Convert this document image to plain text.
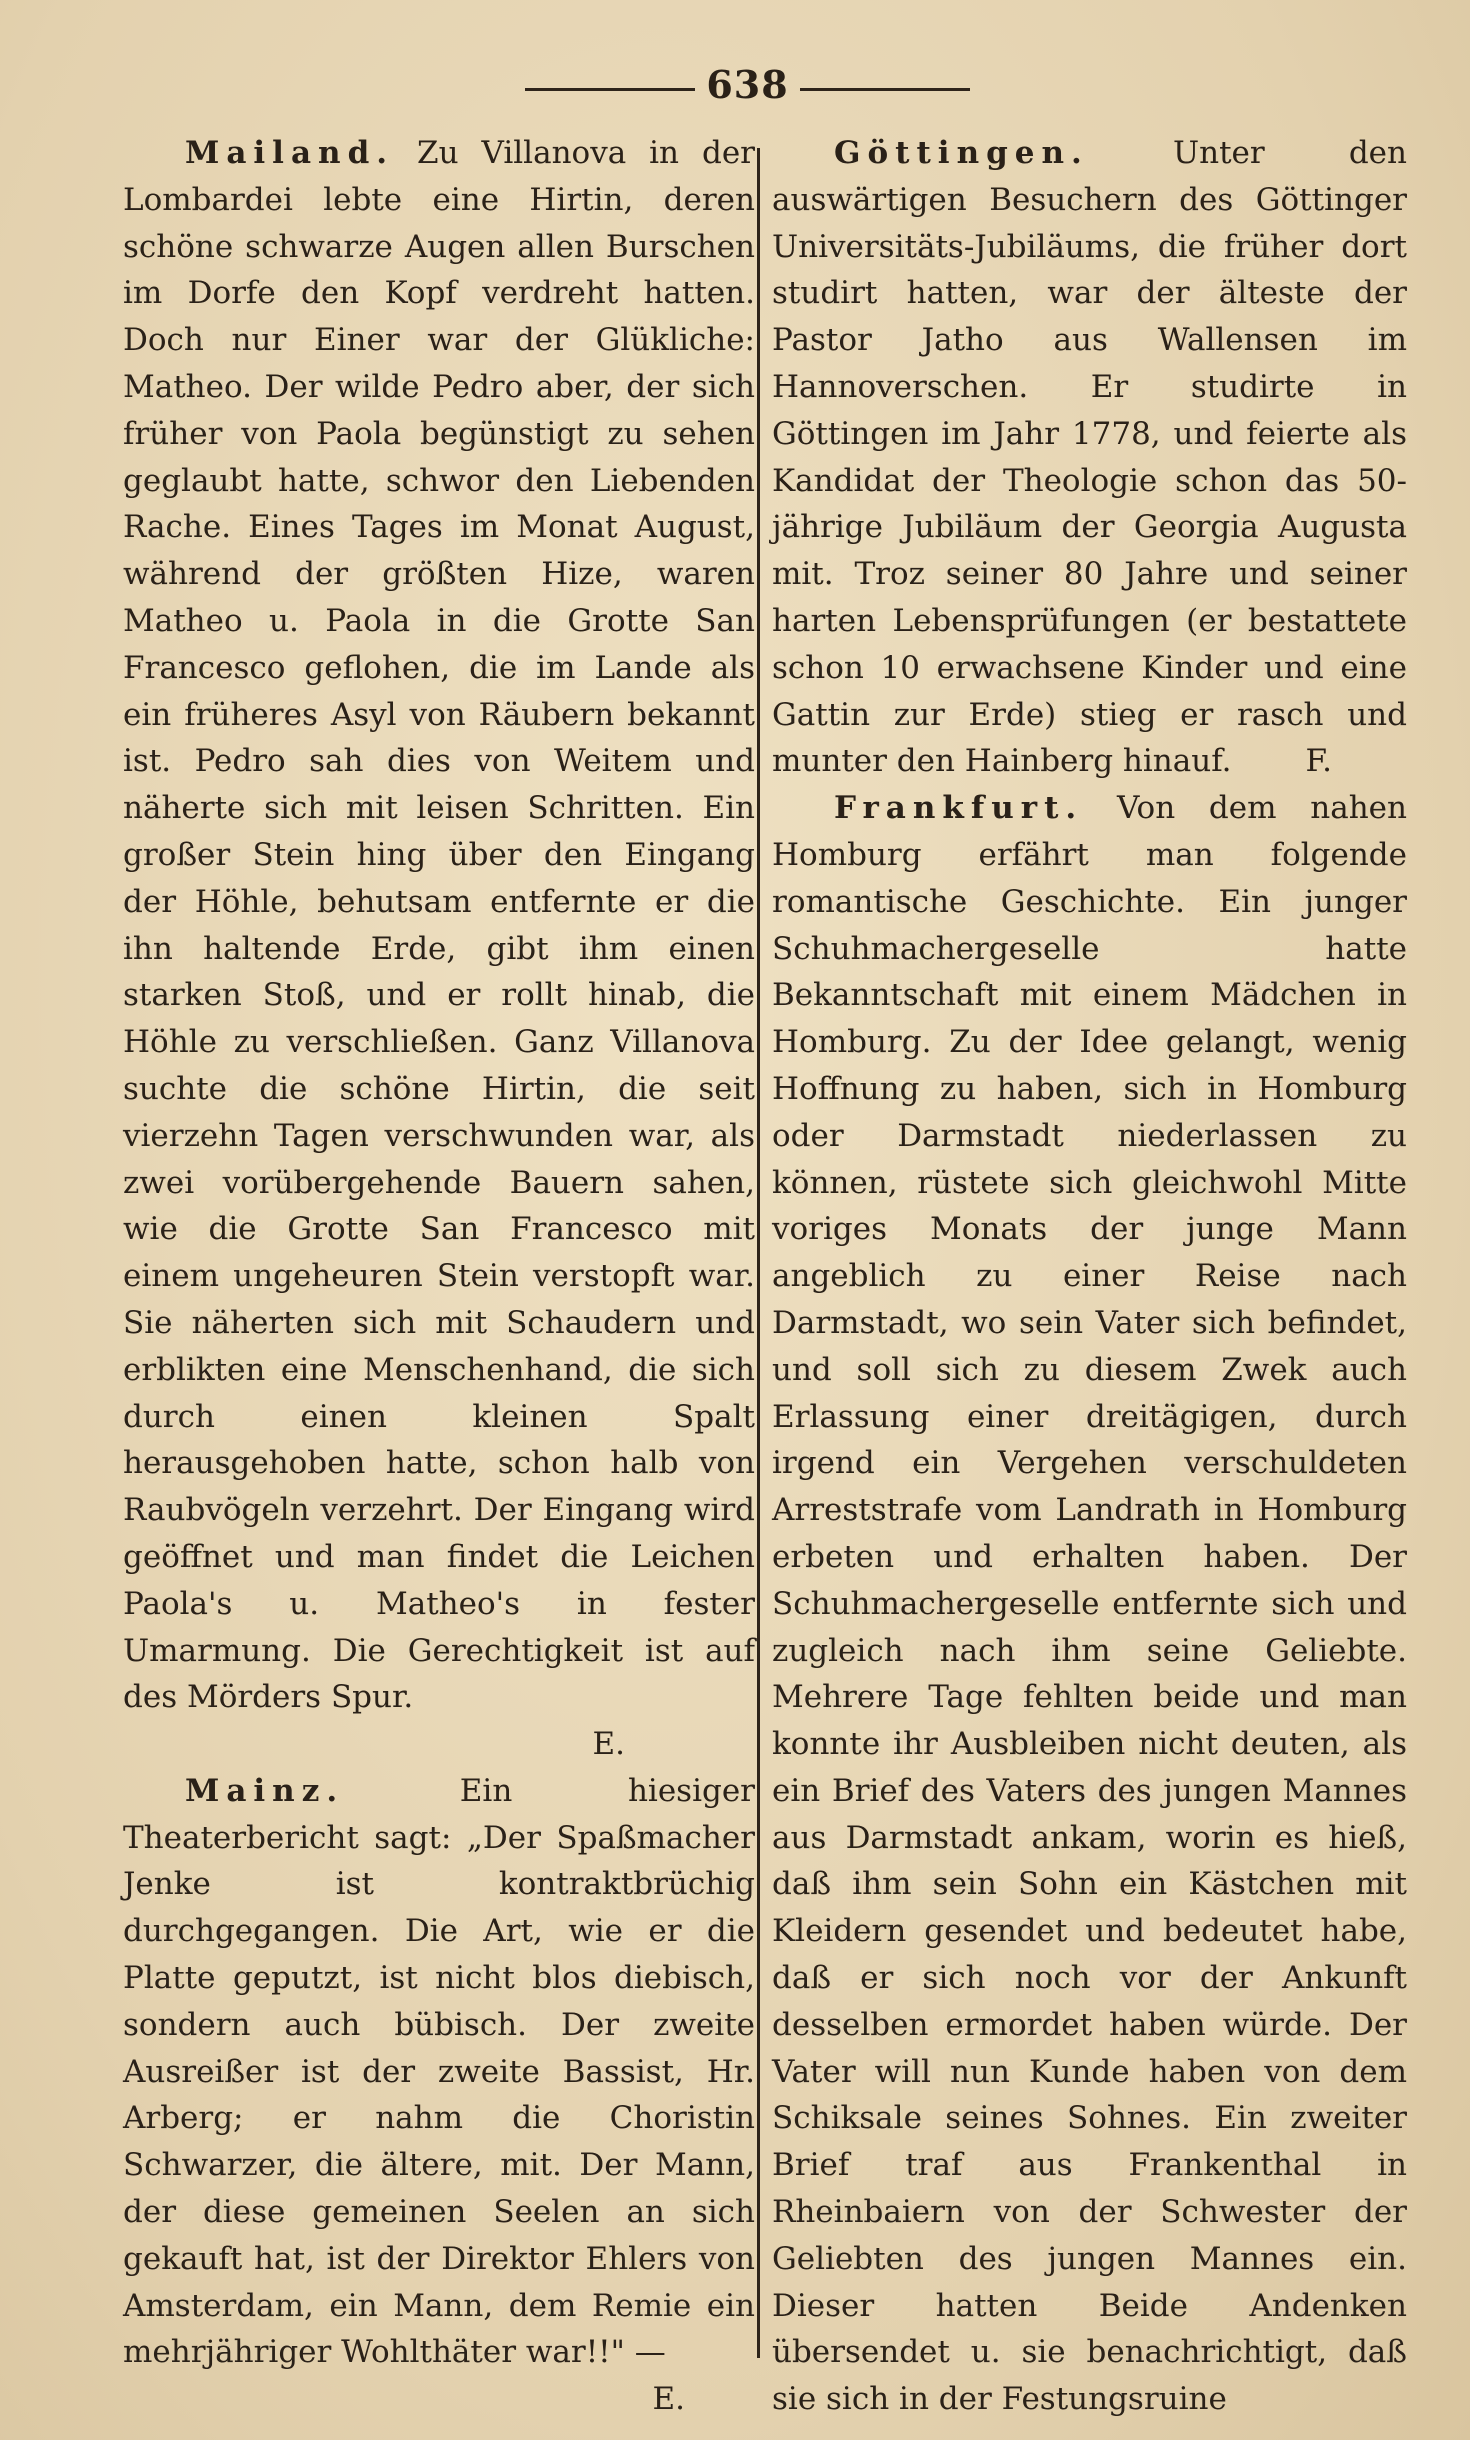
638

Mailand. Zu Villanova in der Lombardei lebte eine Hirtin, deren schöne schwarze Augen allen Burschen im Dorfe den Kopf verdreht hatten. Doch nur Einer war der Glükliche: Matheo. Der wilde Pedro aber, der sich früher von Paola begünstigt zu sehen geglaubt hatte, schwor den Liebenden Rache. Eines Tages im Monat August, während der größten Hize, waren Matheo u. Paola in die Grotte San Francesco geflohen, die im Lande als ein früheres Asyl von Räubern bekannt ist. Pedro sah dies von Weitem und näherte sich mit leisen Schritten. Ein großer Stein hing über den Eingang der Höhle, behutsam entfernte er die ihn haltende Erde, gibt ihm einen starken Stoß, und er rollt hinab, die Höhle zu verschließen. Ganz Villanova suchte die schöne Hirtin, die seit vierzehn Tagen verschwunden war, als zwei vorübergehende Bauern sahen, wie die Grotte San Francesco mit einem ungeheuren Stein verstopft war. Sie näherten sich mit Schaudern und erblikten eine Menschenhand, die sich durch einen kleinen Spalt herausgehoben hatte, schon halb von Raubvögeln verzehrt. Der Eingang wird geöffnet und man findet die Leichen Paola's u. Matheo's in fester Umarmung. Die Gerechtigkeit ist auf des Mörders Spur.

E.

Mainz.	Ein hiesiger Theaterbericht sagt: „Der Spaßmacher Jenke ist kontraktbrüchig durchgegangen. Die Art, wie er die Platte geputzt, ist nicht blos diebisch, sondern auch bübisch. Der zweite Ausreißer ist der zweite Bassist, Hr. Arberg; er nahm die Choristin Schwarzer, die ältere, mit. Der Mann, der diese gemeinen Seelen an sich gekauft hat, ist der Direktor Ehlers von Amsterdam, ein Mann, dem Remie ein mehrjähriger Wohlthäter war!!" —
E.

Göttingen.	Unter den auswärtigen Besuchern des Göttinger Universitäts-Jubiläums, die früher dort studirt hatten, war der älteste der Pastor Jatho aus Wallensen im Hannoverschen. Er studirte in Göttingen im Jahr 1778, und feierte als Kandidat der Theologie schon das 50-jährige Jubiläum der Georgia Augusta mit. Troz seiner 80 Jahre und seiner harten Lebensprüfungen (er bestattete schon 10 erwachsene Kinder und eine Gattin zur Erde) stieg er rasch und munter den Hainberg hinauf.	F.

Frankfurt. Von dem nahen Homburg erfährt man folgende romantische Geschichte. Ein junger Schuhmachergeselle hatte Bekanntschaft mit einem Mädchen in Homburg. Zu der Idee gelangt, wenig Hoffnung zu haben, sich in Homburg oder Darmstadt niederlassen zu können, rüstete sich gleichwohl Mitte voriges Monats der junge Mann angeblich zu einer Reise nach Darmstadt, wo sein Vater sich befindet, und soll sich zu diesem Zwek auch Erlassung einer dreitägigen, durch irgend ein Vergehen verschuldeten Arreststrafe vom Landrath in Homburg erbeten und erhalten haben. Der Schuhmachergeselle entfernte sich und zugleich nach ihm seine Geliebte. Mehrere Tage fehlten beide und man konnte ihr Ausbleiben nicht deuten, als ein Brief des Vaters des jungen Mannes aus Darmstadt ankam, worin es hieß, daß ihm sein Sohn ein Kästchen mit Kleidern gesendet und bedeutet habe, daß er sich noch vor der Ankunft desselben ermordet haben würde. Der Vater will nun Kunde haben von dem Schiksale seines Sohnes. Ein zweiter Brief traf aus Frankenthal in Rheinbaiern von der Schwester der Geliebten des jungen Mannes ein. Dieser hatten Beide Andenken übersendet u. sie benachrichtigt, daß sie sich in der Festungsruine
